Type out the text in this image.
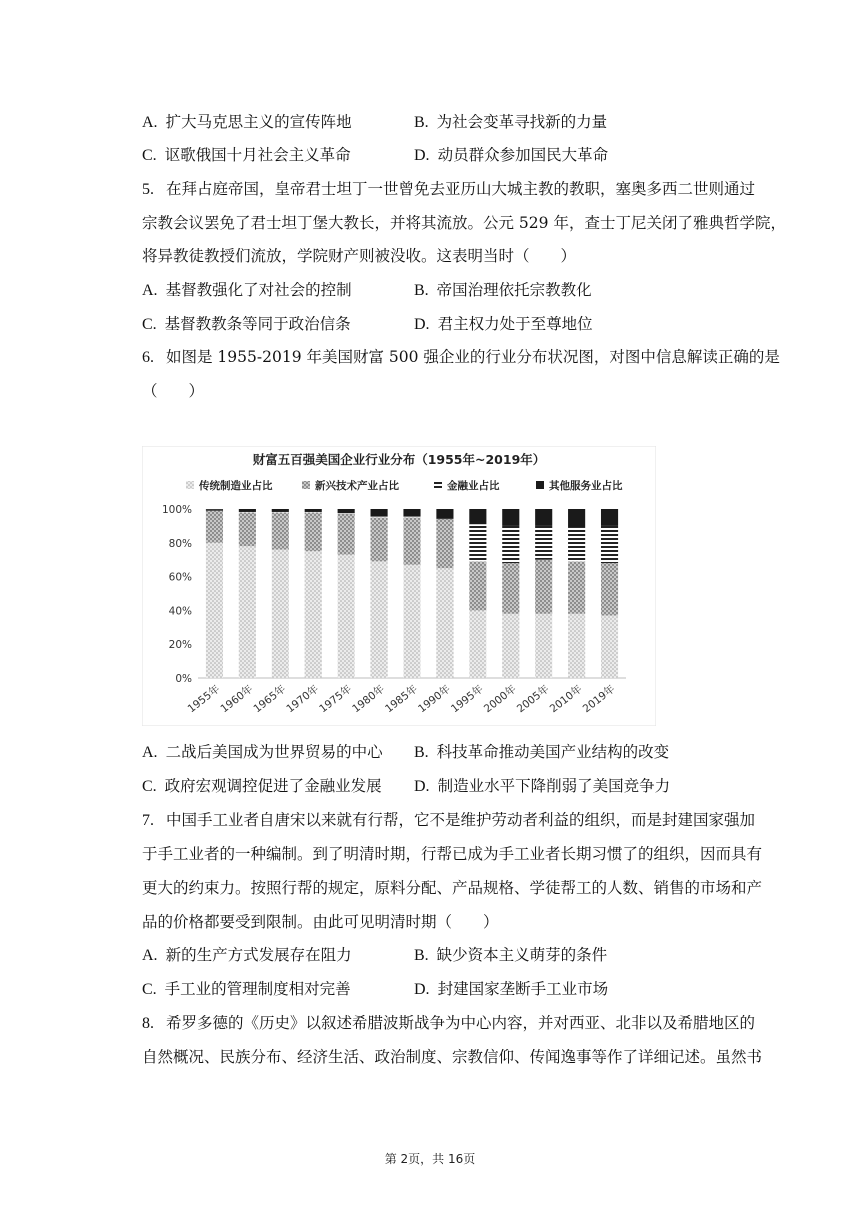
A. 扩大马克思主义的宣传阵地	B. 为社会变革寻找新的力量
C. 讴歌俄国十月社会主义革命	D. 动员群众参加国民大革命
5. 在拜占庭帝国，皇帝君士坦丁一世曾免去亚历山大城主教的教职，塞奥多西二世则通过
宗教会议罢免了君士坦丁堡大教长，并将其流放。公元 529 年，查士丁尼关闭了雅典哲学院，
将异教徒教授们流放，学院财产则被没收。这表明当时（　　）
A. 基督教强化了对社会的控制	B. 帝国治理依托宗教教化
C. 基督教教条等同于政治信条	D. 君主权力处于至尊地位
6. 如图是 1955-2019 年美国财富 500 强企业的行业分布状况图，对图中信息解读正确的是
（　　）
财富五百强美国企业行业分布（1955年~2019年）
传统制造业占比	新兴技术产业占比	金融业占比	其他服务业占比
0%
20%
40%
60%
80%
100%
1955年
1960年
1965年
1970年
1975年
1980年
1985年
1990年
1995年
2000年
2005年
2010年
2019年
A. 二战后美国成为世界贸易的中心 B. 科技革命推动美国产业结构的改变
C. 政府宏观调控促进了金融业发展 D. 制造业水平下降削弱了美国竞争力
7. 中国手工业者自唐宋以来就有行帮，它不是维护劳动者利益的组织，而是封建国家强加
于手工业者的一种编制。到了明清时期，行帮已成为手工业者长期习惯了的组织，因而具有
更大的约束力。按照行帮的规定，原料分配、产品规格、学徒帮工的人数、销售的市场和产
品的价格都要受到限制。由此可见明清时期（　　）
A. 新的生产方式发展存在阻力	B. 缺少资本主义萌芽的条件
C. 手工业的管理制度相对完善	D. 封建国家垄断手工业市场
8. 希罗多德的《历史》以叙述希腊波斯战争为中心内容，并对西亚、北非以及希腊地区的
自然概况、民族分布、经济生活、政治制度、宗教信仰、传闻逸事等作了详细记述。虽然书
第 2页，共 16页
